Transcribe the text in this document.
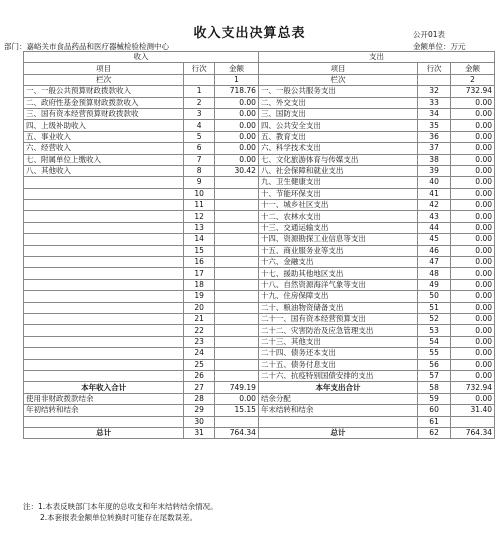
收入支出决算总表	公开01表
部门：嘉峪关市食品药品和医疗器械检验检测中心	金额单位：万元
收入			支出		
项目	行次	金额	项目	行次	金额
栏次		1	栏次		2
一、一般公共预算财政拨款收入	1	718.76	一、一般公共服务支出	32	732.94
二、政府性基金预算财政拨款收入	2	0.00	二、外交支出	33	0.00
三、国有资本经营预算财政拨款收	3	0.00	三、国防支出	34	0.00
四、上级补助收入	4	0.00	四、公共安全支出	35	0.00
五、事业收入	5	0.00	五、教育支出	36	0.00
六、经营收入	6	0.00	六、科学技术支出	37	0.00
七、附属单位上缴收入	7	0.00	七、文化旅游体育与传媒支出	38	0.00
八、其他收入	8	30.42	八、社会保障和就业支出	39	0.00
	9		九、卫生健康支出	40	0.00
	10		十、节能环保支出	41	0.00
	11		十一、城乡社区支出	42	0.00
	12		十二、农林水支出	43	0.00
	13		十三、交通运输支出	44	0.00
	14		十四、资源勘探工业信息等支出	45	0.00
	15		十五、商业服务业等支出	46	0.00
	16		十六、金融支出	47	0.00
	17		十七、援助其他地区支出	48	0.00
	18		十八、自然资源海洋气象等支出	49	0.00
	19		十九、住房保障支出	50	0.00
	20		二十、粮油物资储备支出	51	0.00
	21		二十一、国有资本经营预算支出	52	0.00
	22		二十二、灾害防治及应急管理支出	53	0.00
	23		二十三、其他支出	54	0.00
	24		二十四、债务还本支出	55	0.00
	25		二十五、债务付息支出	56	0.00
	26		二十六、抗疫特别国债安排的支出	57	0.00
本年收入合计	27	749.19	本年支出合计	58	732.94
使用非财政拨款结余	28	0.00	结余分配	59	0.00
年初结转和结余	29	15.15	年末结转和结余	60	31.40
	30			61	
总计	31	764.34	总计	62	764.34
注：1.本表反映部门本年度的总收支和年末结转结余情况。
2.本套报表金额单位转换时可能存在尾数误差。
